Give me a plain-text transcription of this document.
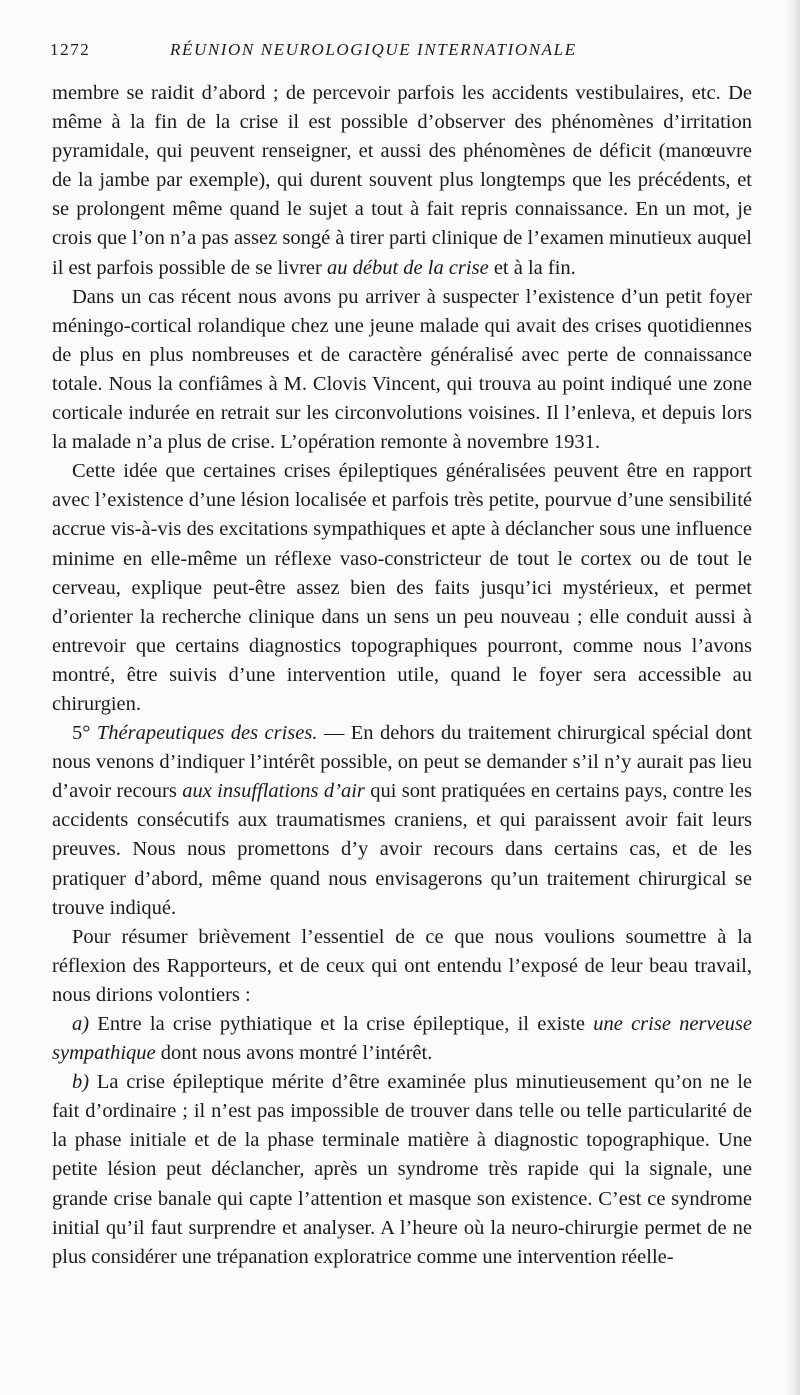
1272	RÉUNION NEUROLOGIQUE INTERNATIONALE

membre se raidit d’abord ; de percevoir parfois les accidents vestibulaires, etc. De même à la fin de la crise il est possible d’observer des phénomènes d’irritation pyramidale, qui peuvent renseigner, et aussi des phénomènes de déficit (manœuvre de la jambe par exemple), qui durent souvent plus longtemps que les précédents, et se prolongent même quand le sujet a tout à fait repris connaissance. En un mot, je crois que l’on n’a pas assez songé à tirer parti clinique de l’examen minutieux auquel il est parfois possible de se livrer au début de la crise et à la fin.

Dans un cas récent nous avons pu arriver à suspecter l’existence d’un petit foyer méningo-cortical rolandique chez une jeune malade qui avait des crises quotidiennes de plus en plus nombreuses et de caractère généralisé avec perte de connaissance totale. Nous la confiâmes à M. Clovis Vincent, qui trouva au point indiqué une zone corticale indurée en retrait sur les circonvolutions voisines. Il l’enleva, et depuis lors la malade n’a plus de crise. L’opération remonte à novembre 1931.

Cette idée que certaines crises épileptiques généralisées peuvent être en rapport avec l’existence d’une lésion localisée et parfois très petite, pourvue d’une sensibilité accrue vis-à-vis des excitations sympathiques et apte à déclancher sous une influence minime en elle-même un réflexe vaso-constricteur de tout le cortex ou de tout le cerveau, explique peut-être assez bien des faits jusqu’ici mystérieux, et permet d’orienter la recherche clinique dans un sens un peu nouveau ; elle conduit aussi à entrevoir que certains diagnostics topographiques pourront, comme nous l’avons montré, être suivis d’une intervention utile, quand le foyer sera accessible au chirurgien.

5° Thérapeutiques des crises. — En dehors du traitement chirurgical spécial dont nous venons d’indiquer l’intérêt possible, on peut se demander s’il n’y aurait pas lieu d’avoir recours aux insufflations d’air qui sont pratiquées en certains pays, contre les accidents consécutifs aux traumatismes craniens, et qui paraissent avoir fait leurs preuves. Nous nous promettons d’y avoir recours dans certains cas, et de les pratiquer d’abord, même quand nous envisagerons qu’un traitement chirurgical se trouve indiqué.

Pour résumer brièvement l’essentiel de ce que nous voulions soumettre à la réflexion des Rapporteurs, et de ceux qui ont entendu l’exposé de leur beau travail, nous dirions volontiers :

a) Entre la crise pythiatique et la crise épileptique, il existe une crise nerveuse sympathique dont nous avons montré l’intérêt.

b) La crise épileptique mérite d’être examinée plus minutieusement qu’on ne le fait d’ordinaire ; il n’est pas impossible de trouver dans telle ou telle particularité de la phase initiale et de la phase terminale matière à diagnostic topographique. Une petite lésion peut déclancher, après un syndrome très rapide qui la signale, une grande crise banale qui capte l’attention et masque son existence. C’est ce syndrome initial qu’il faut surprendre et analyser. A l’heure où la neuro-chirurgie permet de ne plus considérer une trépanation exploratrice comme une intervention réelle-
